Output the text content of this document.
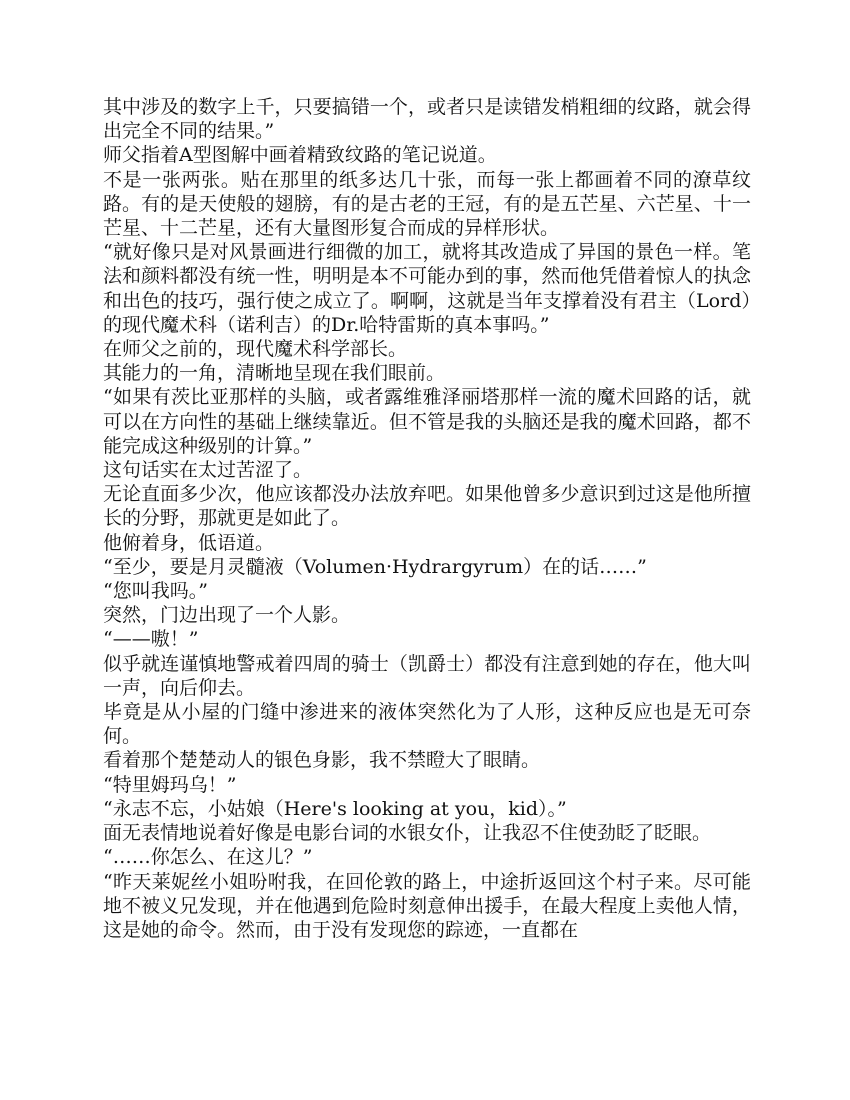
其中涉及的数字上千，只要搞错一个，或者只是读错发梢粗细的纹路，就会得出完全不同的结果。”

师父指着A型图解中画着精致纹路的笔记说道。

不是一张两张。贴在那里的纸多达几十张，而每一张上都画着不同的潦草纹路。有的是天使般的翅膀，有的是古老的王冠，有的是五芒星、六芒星、十一芒星、十二芒星，还有大量图形复合而成的异样形状。

“就好像只是对风景画进行细微的加工，就将其改造成了异国的景色一样。笔法和颜料都没有统一性，明明是本不可能办到的事，然而他凭借着惊人的执念和出色的技巧，强行使之成立了。啊啊，这就是当年支撑着没有君主（Lord）的现代魔术科（诺利吉）的Dr.哈特雷斯的真本事吗。”

在师父之前的，现代魔术科学部长。

其能力的一角，清晰地呈现在我们眼前。

“如果有茨比亚那样的头脑，或者露维雅泽丽塔那样一流的魔术回路的话，就可以在方向性的基础上继续靠近。但不管是我的头脑还是我的魔术回路，都不能完成这种级别的计算。”

这句话实在太过苦涩了。

无论直面多少次，他应该都没办法放弃吧。如果他曾多少意识到过这是他所擅长的分野，那就更是如此了。

他俯着身，低语道。

“至少，要是月灵髓液（Volumen·Hydrargyrum）在的话……”

“您叫我吗。”

突然，门边出现了一个人影。

“——嗷！”

似乎就连谨慎地警戒着四周的骑士（凯爵士）都没有注意到她的存在，他大叫一声，向后仰去。

毕竟是从小屋的门缝中渗进来的液体突然化为了人形，这种反应也是无可奈何。

看着那个楚楚动人的银色身影，我不禁瞪大了眼睛。

“特里姆玛乌！”

“永志不忘，小姑娘（Here's looking at you，kid）。”

面无表情地说着好像是电影台词的水银女仆，让我忍不住使劲眨了眨眼。

“……你怎么、在这儿？”

“昨天莱妮丝小姐吩咐我，在回伦敦的路上，中途折返回这个村子来。尽可能地不被义兄发现，并在他遇到危险时刻意伸出援手，在最大程度上卖他人情，这是她的命令。然而，由于没有发现您的踪迹，一直都在
